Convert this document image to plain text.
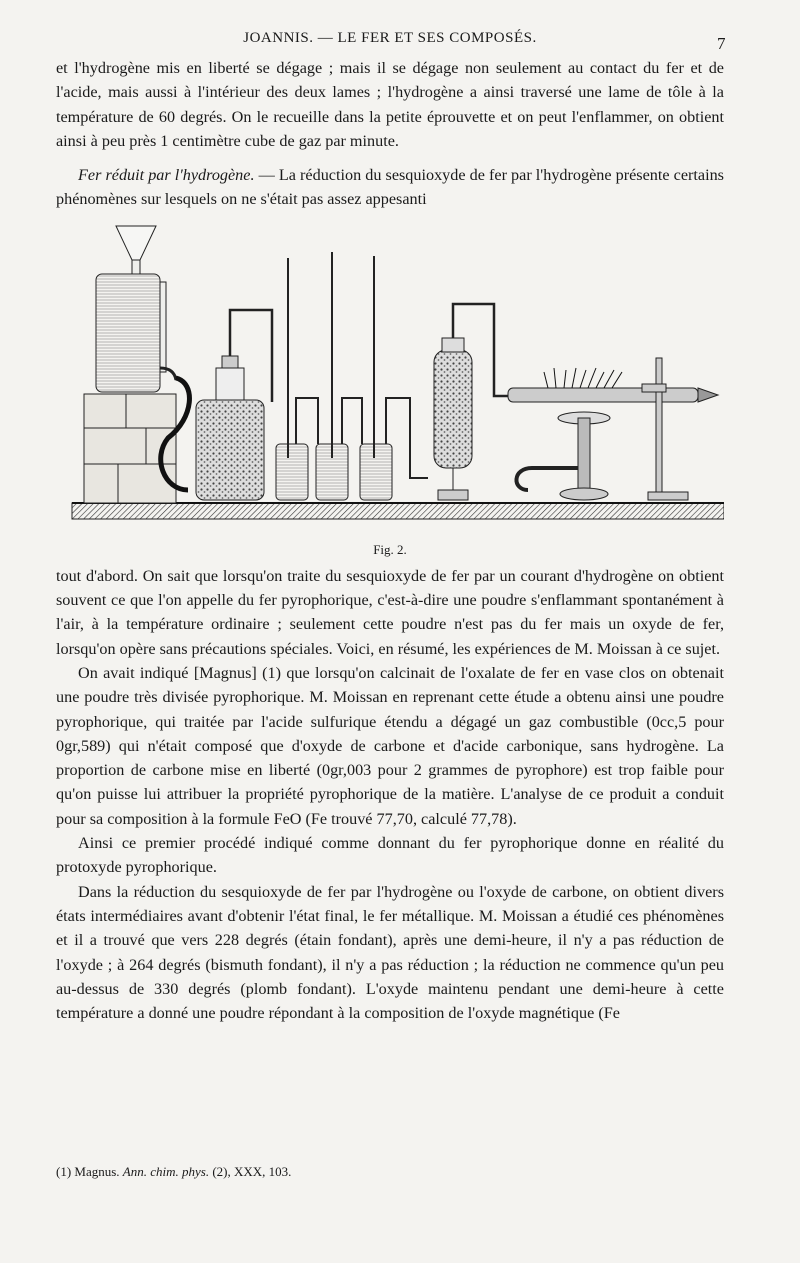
JOANNIS. — LE FER ET SES COMPOSÉS.	7

et l'hydrogène mis en liberté se dégage ; mais il se dégage non seulement au contact du fer et de l'acide, mais aussi à l'intérieur des deux lames ; l'hydrogène a ainsi traversé une lame de tôle à la température de 60 degrés. On le recueille dans la petite éprouvette et on peut l'enflammer, on obtient ainsi à peu près 1 centimètre cube de gaz par minute.

Fer réduit par l'hydrogène. — La réduction du sesquioxyde de fer par l'hydrogène présente certains phénomènes sur lesquels on ne s'était pas assez appesanti

Fig. 2.

tout d'abord. On sait que lorsqu'on traite du sesquioxyde de fer par un courant d'hydrogène on obtient souvent ce que l'on appelle du fer pyrophorique, c'est-à-dire une poudre s'enflammant spontanément à l'air, à la température ordinaire ; seulement cette poudre n'est pas du fer mais un oxyde de fer, lorsqu'on opère sans précautions spéciales. Voici, en résumé, les expériences de M. Moissan à ce sujet.

On avait indiqué [Magnus] (1) que lorsqu'on calcinait de l'oxalate de fer en vase clos on obtenait une poudre très divisée pyrophorique. M. Moissan en reprenant cette étude a obtenu ainsi une poudre pyrophorique, qui traitée par l'acide sulfurique étendu a dégagé un gaz combustible (0cc,5 pour 0gr,589) qui n'était composé que d'oxyde de carbone et d'acide carbonique, sans hydrogène. La proportion de carbone mise en liberté (0gr,003 pour 2 grammes de pyrophore) est trop faible pour qu'on puisse lui attribuer la propriété pyrophorique de la matière. L'analyse de ce produit a conduit pour sa composition à la formule FeO (Fe trouvé 77,70, calculé 77,78).

Ainsi ce premier procédé indiqué comme donnant du fer pyrophorique donne en réalité du protoxyde pyrophorique.

Dans la réduction du sesquioxyde de fer par l'hydrogène ou l'oxyde de carbone, on obtient divers états intermédiaires avant d'obtenir l'état final, le fer métallique. M. Moissan a étudié ces phénomènes et il a trouvé que vers 228 degrés (étain fondant), après une demi-heure, il n'y a pas réduction de l'oxyde ; à 264 degrés (bismuth fondant), il n'y a pas réduction ; la réduction ne commence qu'un peu au-dessus de 330 degrés (plomb fondant). L'oxyde maintenu pendant une demi-heure à cette température a donné une poudre répondant à la composition de l'oxyde magnétique (Fe

(1) Magnus. Ann. chim. phys. (2), XXX, 103.
